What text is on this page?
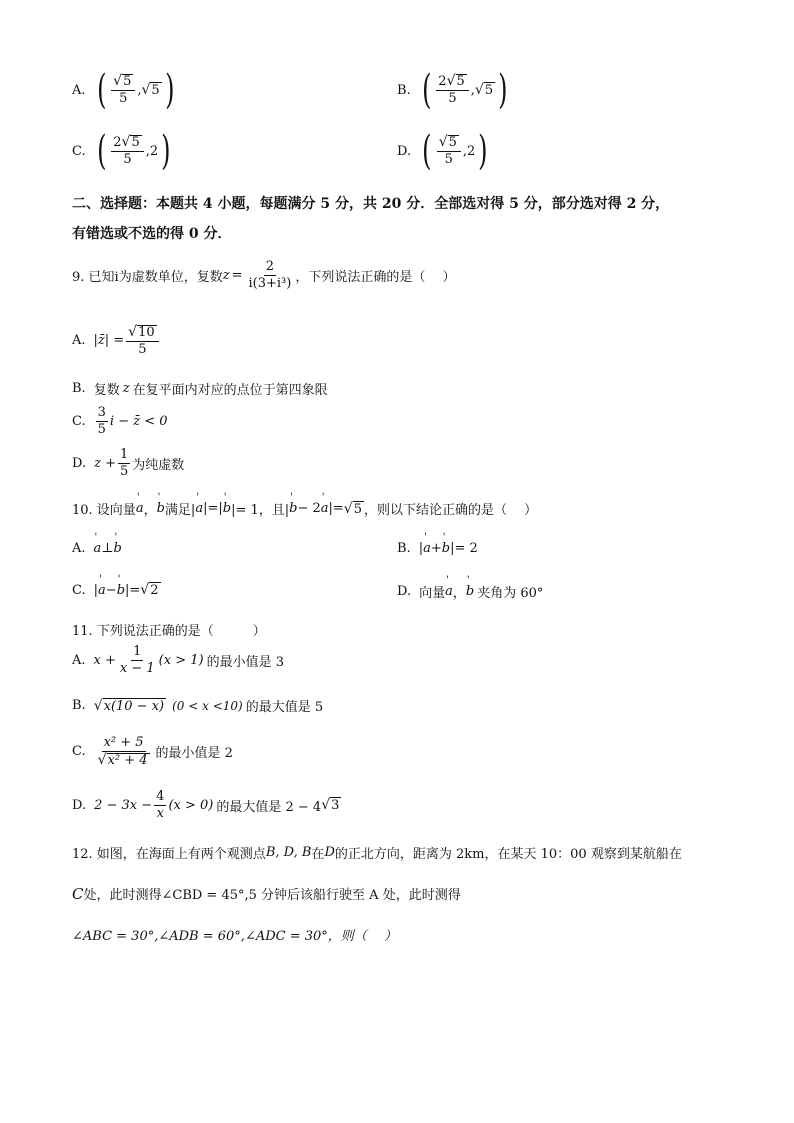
A. ( $\frac{√5}{5}$ , √ 5 )	B. ( $\frac{2√5}{5}$ , √ 5 )
C. ( $\frac{2√5}{5} ,2$ )	D. ( $\frac{√5}{5} ,2$ )
二、选择题：本题共 4 小题，每题满分 5 分，共 20 分．全部选对得 5 分，部分选对得 2 分，
有错选或不选的得 0 分．
9. 已知i为虚数单位，复数 $z = \frac{2}{\text{i(3+i³)}}$ ，下列说法正确的是（　 ）
A. |z̄| = $\frac{√10}{5}$
B. 复数 z 在复平面内对应的点位于第四象限
C. $\frac{3}{5}$ i − z̄ < 0
D. $z + \frac{1}{5}$ 为纯虚数
10. 设向量 ' a ， ' b 满足| ' a |=| ' b |= 1，且| ' b − 2 ' a |= √ 5 ，则以下结论正确的是（　 ）
A. ' a ⊥ ' b	B. | ' a + ' b |= 2
C. | ' a − ' b |= √ 2	D. 向量 ' a ， ' b 夹角为 60°
11. 下列说法正确的是（　　　）
A. $x + \frac{1}{x - 1} (x > 1)$ 的最小值是 3
B. √ x(10 − x) (0 < x <10) 的最大值是 5
C. $\frac{\text{x² + 5}}{\text{√x² + 4}}$ 的最小值是 2
D. $2 - 3x - \frac{4}{x} (x > 0)$ 的最大值是 2 − 4 √ 3
12. 如图，在海面上有两个观测点 B, D, B 在 D 的正北方向，距离为 2km，在某天 10：00 观察到某航船在
C 处，此时测得∠CBD = 45°,5 分钟后该船行驶至 A 处，此时测得
∠ABC = 30°,∠ADB = 60°,∠ADC = 30°，则（　 ）
